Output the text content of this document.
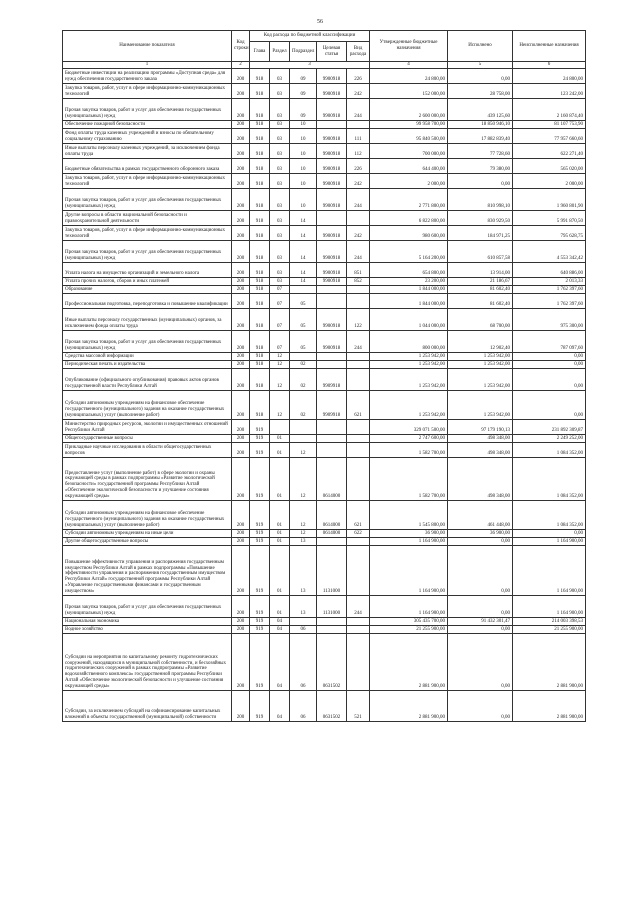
56
Наименование показателя	Код строки	Код расхода по бюджетной классификации					Утвержденные бюджетные назначения	Исполнено	Неисполненные назначения
		Глава	Раздел	Подраздел	Целевая статья	Вид расхода			
1	2	3					4	5	6
Бюджетные инвестиции на реализацию программы «Доступная среда» для нужд обеспечения государственного заказа	200	918	03	09	9900918	226	24 800,00	0,00	24 800,00
Закупка товаров, работ, услуг в сфере информационно-коммуникационных технологий	200	918	03	09	9900918	242	152 000,00	28 758,00	123 242,00
Прочая закупка товаров, работ и услуг для обеспечения государственных (муниципальных) нужд	200	918	03	09	9900918	244	2 600 000,00	439 125,60	2 160 874,40
Обеспечение пожарной безопасности	200	918	03	10			99 958 700,00	18 850 946,10	81 107 753,90
Фонд оплаты труда казенных учреждений и взносы по обязательному социальному страхованию	200	918	03	10	9900918	111	95 840 500,00	17 882 839,40	77 957 660,60
Иные выплаты персоналу казенных учреждений, за исключением фонда оплаты труда	200	918	03	10	9900918	112	700 000,00	77 728,60	622 271,40
Бюджетные обязательства в рамках государственного оборонного заказа	200	918	03	10	9900918	226	644 400,00	79 380,00	565 020,00
Закупка товаров, работ, услуг в сфере информационно-коммуникационных технологий	200	918	03	10	9900918	242	2 000,00	0,00	2 000,00
Прочая закупка товаров, работ и услуг для обеспечения государственных (муниципальных) нужд	200	918	03	10	9900918	244	2 771 800,00	810 998,10	1 960 801,90
Другие вопросы в области национальной безопасности и правоохранительной деятельности	200	918	03	14			6 822 800,00	830 929,50	5 991 870,50
Закупка товаров, работ, услуг в сфере информационно-коммуникационных технологий	200	918	03	14	9900918	242	980 600,00	184 971,25	795 628,75
Прочая закупка товаров, работ и услуг для обеспечения государственных (муниципальных) нужд	200	918	03	14	9900918	244	5 164 200,00	610 857,58	4 553 342,42
Уплата налога на имущество организаций и земельного налога	200	918	03	14	9900918	851	654 800,00	13 914,00	640 886,00
Уплата прочих налогов, сборов и иных платежей	200	918	03	14	9900918	852	23 200,00	21 186,67	2 013,33
Образование	200	918	07				1 844 000,00	81 602,40	1 762 397,60
Профессиональная подготовка, переподготовка и повышение квалификации	200	918	07	05			1 844 000,00	81 602,40	1 762 397,60
Иные выплаты персоналу государственных (муниципальных) органов, за исключением фонда оплаты труда	200	918	07	05	9900918	122	1 044 000,00	68 700,00	975 300,00
Прочая закупка товаров, работ и услуг для обеспечения государственных (муниципальных) нужд	200	918	07	05	9900918	244	800 000,00	12 902,40	787 097,60
Средства массовой информации	200	918	12				1 253 942,00	1 253 942,00	0,00
Периодическая печать и издательства	200	918	12	02			1 253 942,00	1 253 942,00	0,00
Опубликование (официального опубликования) правовых актов органов государственной власти Республики Алтай	200	918	12	02	9909918		1 253 942,00	1 253 942,00	0,00
Субсидии автономным учреждениям на финансовое обеспечение государственного (муниципального) задания на оказание государственных (муниципальных) услуг (выполнение работ)	200	918	12	02	9909918	621	1 253 942,00	1 253 942,00	0,00
Министерство природных ресурсов, экологии и имущественных отношений Республики Алтай	200	919					329 071 500,00	97 179 190,13	231 892 309,87
Общегосударственные вопросы	200	919	01				2 747 600,00	498 348,00	2 249 252,00
Прикладные научные исследования в области общегосударственных вопросов	200	919	01	12			1 582 700,00	498 348,00	1 084 352,00
Предоставление услуг (выполнение работ) в сфере экологии и охраны окружающей среды в рамках подпрограммы «Развитие экологической безопасности» государственной программы Республики Алтай «Обеспечение экологической безопасности и улучшение состояния окружающей среды»	200	919	01	12	0614000		1 582 700,00	498 348,00	1 084 352,00
Субсидии автономным учреждениям на финансовое обеспечение государственного (муниципального) задания на оказание государственных (муниципальных) услуг (выполнение работ)	200	919	01	12	0614000	621	1 545 800,00	461 448,00	1 084 352,00
Субсидии автономным учреждениям на иные цели	200	919	01	12	0614000	622	36 900,00	36 900,00	0,00
Другие общегосударственные вопросы	200	919	01	13			1 164 900,00	0,00	1 164 900,00
Повышение эффективности управления и распоряжения государственным имуществом Республики Алтай в рамках подпрограммы «Повышение эффективности управления и распоряжения государственным имуществом Республики Алтай» государственной программы Республики Алтай «Управление государственными финансами и государственным имуществом»	200	919	01	13	1131000		1 164 900,00	0,00	1 164 900,00
Прочая закупка товаров, работ и услуг для обеспечения государственных (муниципальных) нужд	200	919	01	13	1131000	244	1 164 900,00	0,00	1 164 900,00
Национальная экономика	200	919	04				305 435 700,00	91 432 301,47	214 003 398,53
Водное хозяйство	200	919	04	06			21 255 900,00	0,00	21 255 900,00
Субсидии на мероприятия по капитальному ремонту гидротехнических сооружений, находящихся в муниципальной собственности, и бесхозяйных гидротехнических сооружений в рамках подпрограммы «Развитие водохозяйственного комплекса» государственной программы Республики Алтай «Обеспечение экологической безопасности и улучшение состояния окружающей среды»	200	919	04	06	0631502		2 881 900,00	0,00	2 881 900,00
Субсидии, за исключением субсидий на софинансирование капитальных вложений в объекты государственной (муниципальной) собственности	200	919	04	06	0631502	521	2 881 900,00	0,00	2 881 900,00
